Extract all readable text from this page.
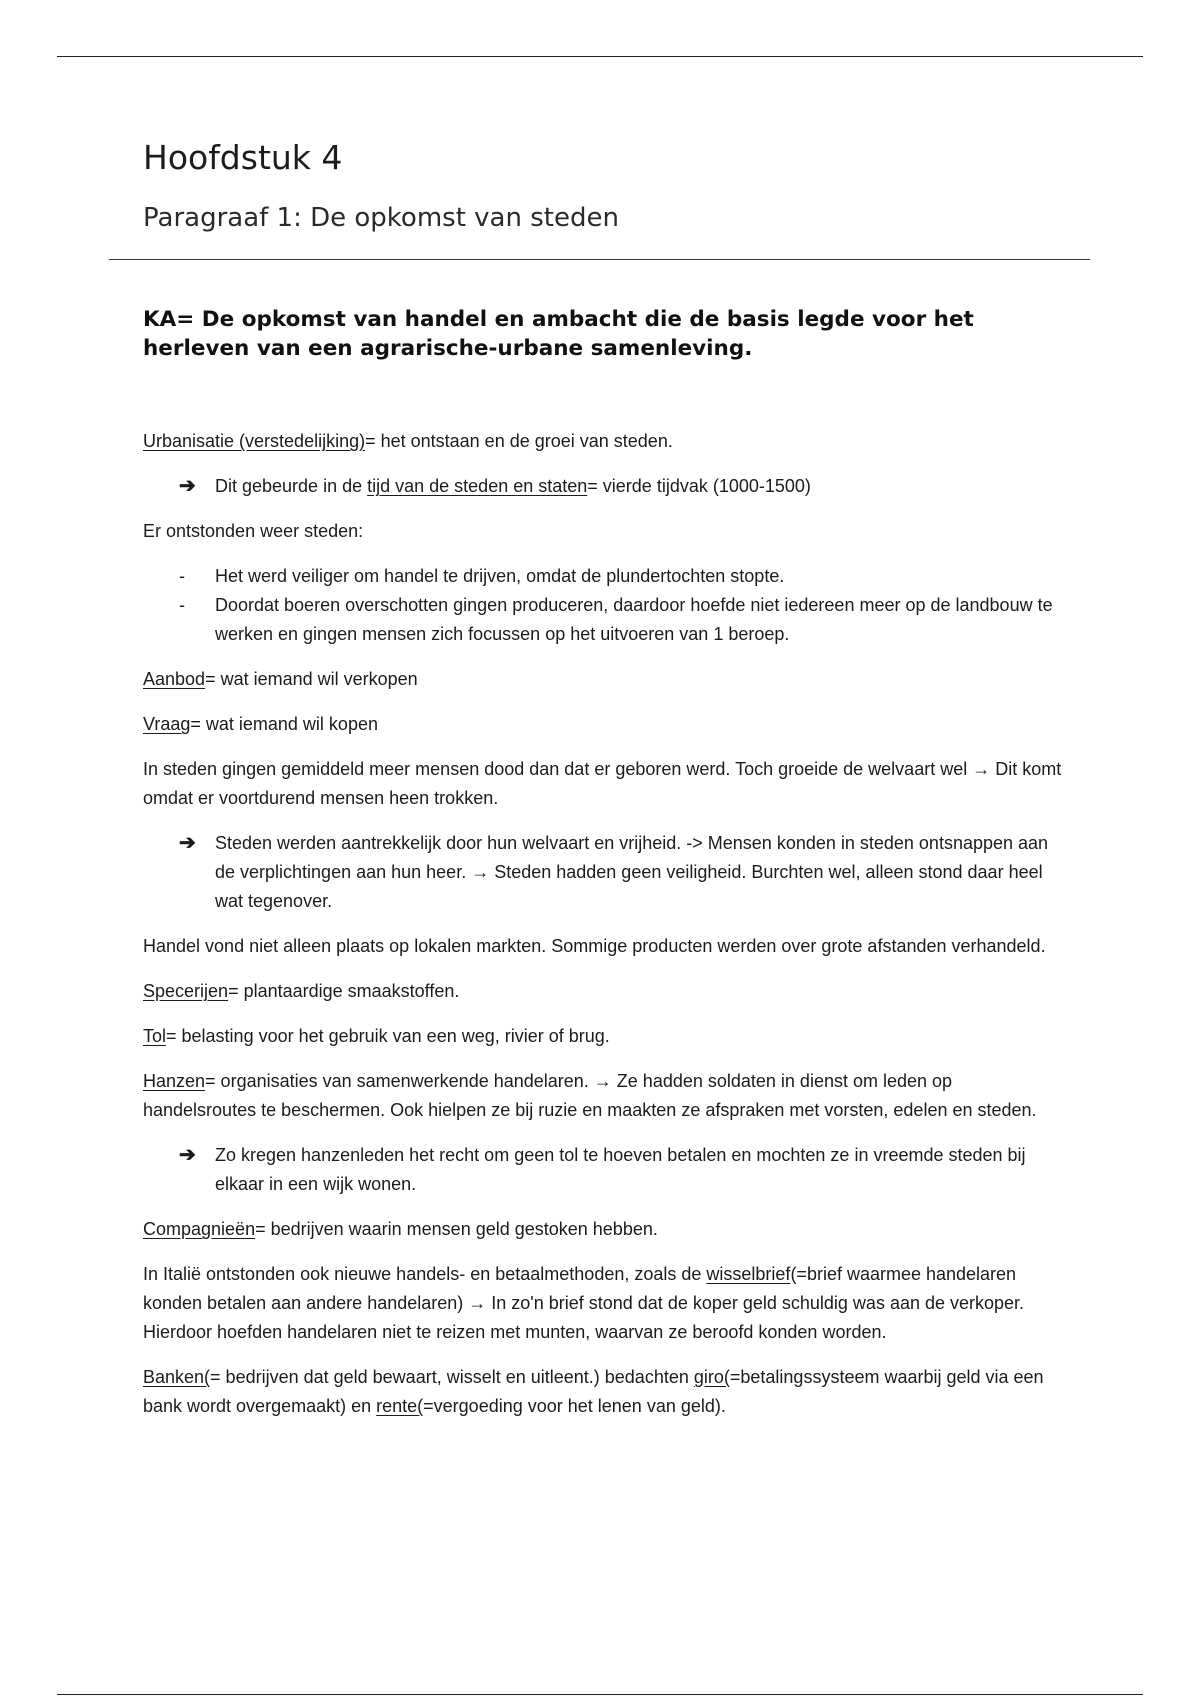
Hoofdstuk 4
Paragraaf 1: De opkomst van steden
KA= De opkomst van handel en ambacht die de basis legde voor het herleven van een agrarische-urbane samenleving.

Urbanisatie (verstedelijking)= het ontstaan en de groei van steden.

➔	Dit gebeurde in de tijd van de steden en staten= vierde tijdvak (1000-1500)

Er ontstonden weer steden:

-	Het werd veiliger om handel te drijven, omdat de plundertochten stopte.
-	Doordat boeren overschotten gingen produceren, daardoor hoefde niet iedereen meer op de landbouw te werken en gingen mensen zich focussen op het uitvoeren van 1 beroep.

Aanbod= wat iemand wil verkopen

Vraag= wat iemand wil kopen

In steden gingen gemiddeld meer mensen dood dan dat er geboren werd. Toch groeide de welvaart wel → Dit komt omdat er voortdurend mensen heen trokken.

➔	Steden werden aantrekkelijk door hun welvaart en vrijheid. -> Mensen konden in steden ontsnappen aan de verplichtingen aan hun heer. → Steden hadden geen veiligheid. Burchten wel, alleen stond daar heel wat tegenover.

Handel vond niet alleen plaats op lokalen markten. Sommige producten werden over grote afstanden verhandeld.

Specerijen= plantaardige smaakstoffen.

Tol= belasting voor het gebruik van een weg, rivier of brug.

Hanzen= organisaties van samenwerkende handelaren. → Ze hadden soldaten in dienst om leden op handelsroutes te beschermen. Ook hielpen ze bij ruzie en maakten ze afspraken met vorsten, edelen en steden.

➔	Zo kregen hanzenleden het recht om geen tol te hoeven betalen en mochten ze in vreemde steden bij elkaar in een wijk wonen.

Compagnieën= bedrijven waarin mensen geld gestoken hebben.

In Italië ontstonden ook nieuwe handels- en betaalmethoden, zoals de wisselbrief(=brief waarmee handelaren konden betalen aan andere handelaren) → In zo'n brief stond dat de koper geld schuldig was aan de verkoper. Hierdoor hoefden handelaren niet te reizen met munten, waarvan ze beroofd konden worden.

Banken(= bedrijven dat geld bewaart, wisselt en uitleent.) bedachten giro(=betalingssysteem waarbij geld via een bank wordt overgemaakt) en rente(=vergoeding voor het lenen van geld).
